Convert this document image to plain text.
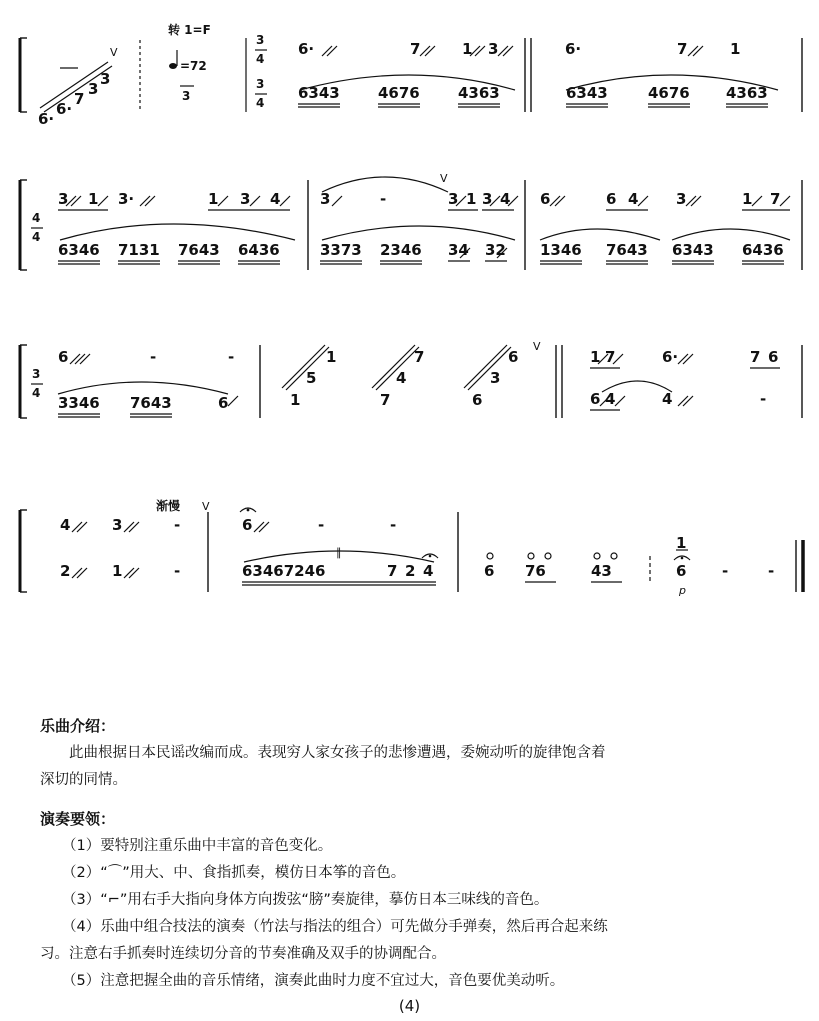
6·
6·
7
3
3
V
转 1=F
=72
3
3
4
3
4
6·	7	1 3
6343	4676	4363
6·	7	1
6343	4676 4363
4
4
3 1 3·	1 3 4
6346 7131 7643 6436
V
3	-	3 1 3 4
3373 2346 34 32
6	6 4	3	1 7
1346 7643 6343 6436
3
4
6	-	-
3346 7643	6	1
5
1
7
4
7
6
3
6
V
1 7	6·	7 6
6 4	4	-
渐慢 V
4	3	-
2	1	-
6	-	-
∥
63467246	7 2 4	6 76	43
1
6
p
-	-
乐曲介绍：
此曲根据日本民谣改编而成。表现穷人家女孩子的悲惨遭遇，委婉动听的旋律饱含着
深切的同情。
演奏要领：
（1）要特别注重乐曲中丰富的音色变化。
（2）“⌒”用大、中、食指抓奏，模仿日本筝的音色。
（3）“⌐”用右手大指向身体方向拨弦“膀”奏旋律，摹仿日本三味线的音色。
（4）乐曲中组合技法的演奏（竹法与指法的组合）可先做分手弹奏，然后再合起来练
习。注意右手抓奏时连续切分音的节奏准确及双手的协调配合。
（5）注意把握全曲的音乐情绪，演奏此曲时力度不宜过大，音色要优美动听。
(4)
